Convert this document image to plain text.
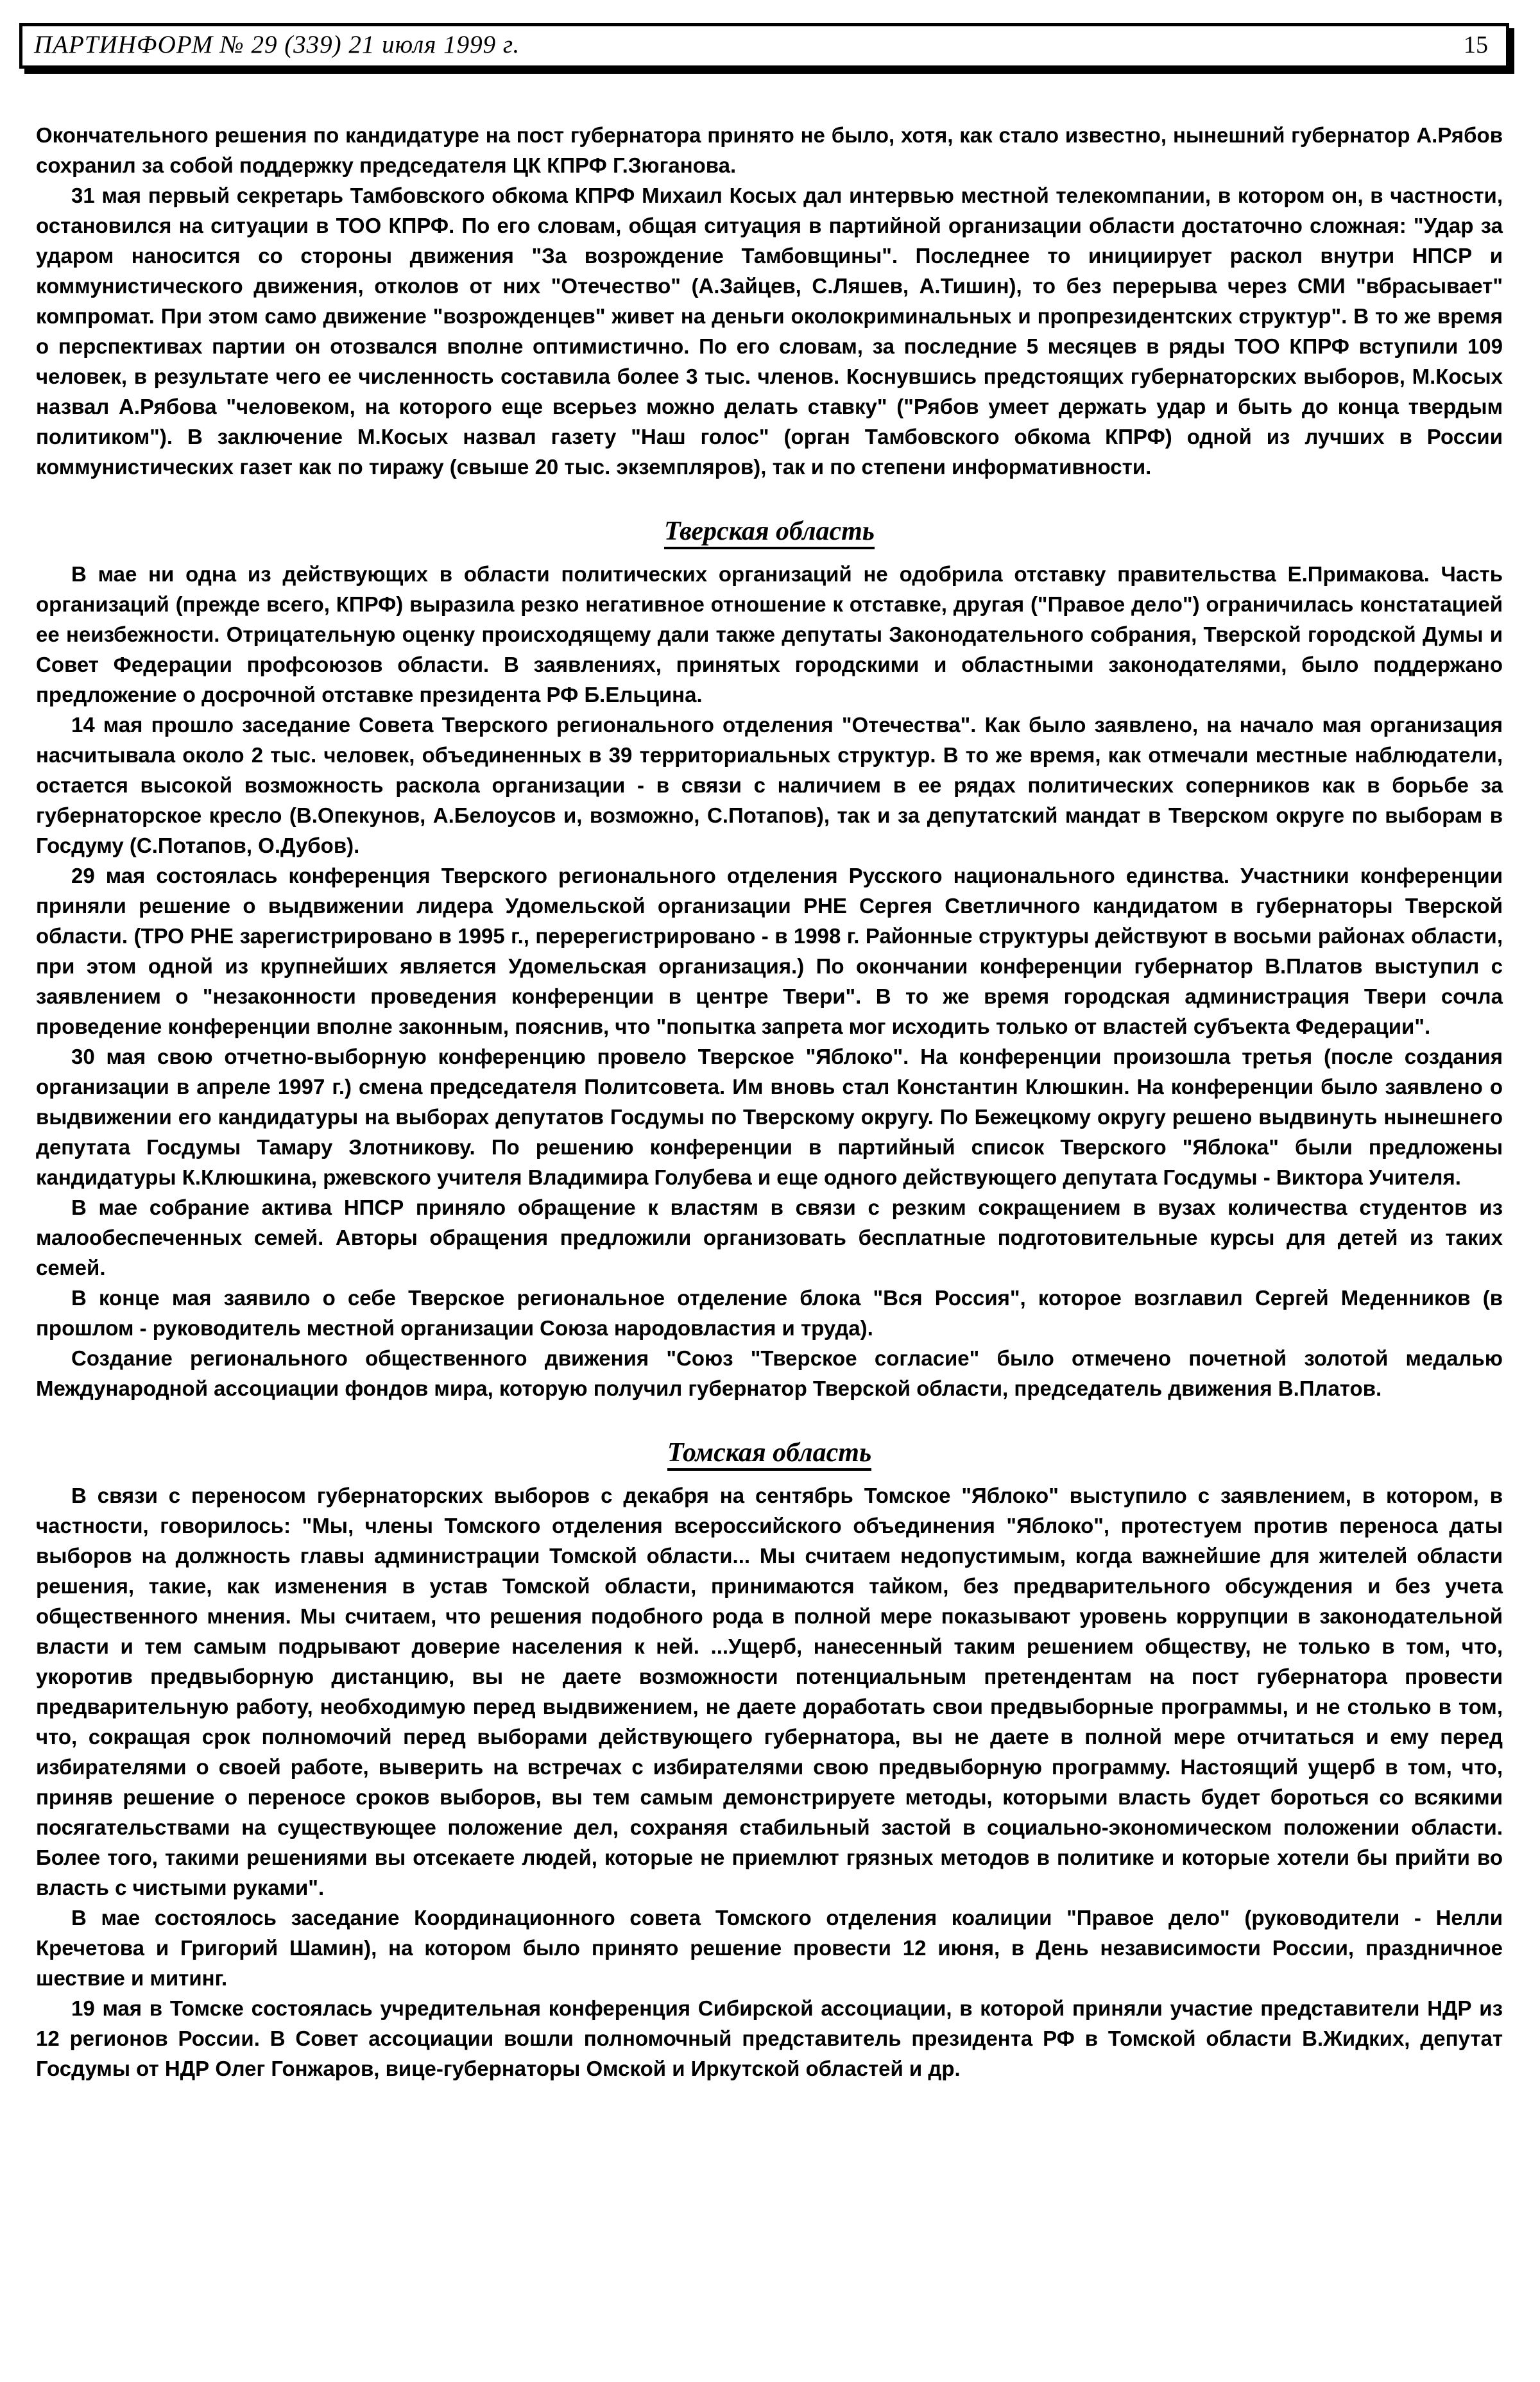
ПАРТИНФОРМ № 29 (339) 21 июля 1999 г.	15

Окончательного решения по кандидатуре на пост губернатора принято не было, хотя, как стало известно, нынешний губернатор А.Рябов сохранил за собой поддержку председателя ЦК КПРФ Г.Зюганова.

31 мая первый секретарь Тамбовского обкома КПРФ Михаил Косых дал интервью местной телекомпании, в котором он, в частности, остановился на ситуации в ТОО КПРФ. По его словам, общая ситуация в партийной организации области достаточно сложная: "Удар за ударом наносится со стороны движения "За возрождение Тамбовщины". Последнее то инициирует раскол внутри НПСР и коммунистического движения, отколов от них "Отечество" (А.Зайцев, С.Ляшев, А.Тишин), то без перерыва через СМИ "вбрасывает" компромат. При этом само движение "возрожденцев" живет на деньги околокриминальных и пропрезидентских структур". В то же время о перспективах партии он отозвался вполне оптимистично. По его словам, за последние 5 месяцев в ряды ТОО КПРФ вступили 109 человек, в результате чего ее численность составила более 3 тыс. членов. Коснувшись предстоящих губернаторских выборов, М.Косых назвал А.Рябова "человеком, на которого еще всерьез можно делать ставку" ("Рябов умеет держать удар и быть до конца твердым политиком"). В заключение М.Косых назвал газету "Наш голос" (орган Тамбовского обкома КПРФ) одной из лучших в России коммунистических газет как по тиражу (свыше 20 тыс. экземпляров), так и по степени информативности.

Тверская область

В мае ни одна из действующих в области политических организаций не одобрила отставку правительства Е.Примакова. Часть организаций (прежде всего, КПРФ) выразила резко негативное отношение к отставке, другая ("Правое дело") ограничилась констатацией ее неизбежности. Отрицательную оценку происходящему дали также депутаты Законодательного собрания, Тверской городской Думы и Совет Федерации профсоюзов области. В заявлениях, принятых городскими и областными законодателями, было поддержано предложение о досрочной отставке президента РФ Б.Ельцина.

14 мая прошло заседание Совета Тверского регионального отделения "Отечества". Как было заявлено, на начало мая организация насчитывала около 2 тыс. человек, объединенных в 39 территориальных структур. В то же время, как отмечали местные наблюдатели, остается высокой возможность раскола организации - в связи с наличием в ее рядах политических соперников как в борьбе за губернаторское кресло (В.Опекунов, А.Белоусов и, возможно, С.Потапов), так и за депутатский мандат в Тверском округе по выборам в Госдуму (С.Потапов, О.Дубов).

29 мая состоялась конференция Тверского регионального отделения Русского национального единства. Участники конференции приняли решение о выдвижении лидера Удомельской организации РНЕ Сергея Светличного кандидатом в губернаторы Тверской области. (ТРО РНЕ зарегистрировано в 1995 г., перерегистрировано - в 1998 г. Районные структуры действуют в восьми районах области, при этом одной из крупнейших является Удомельская организация.) По окончании конференции губернатор В.Платов выступил с заявлением о "незаконности проведения конференции в центре Твери". В то же время городская администрация Твери сочла проведение конференции вполне законным, пояснив, что "попытка запрета мог исходить только от властей субъекта Федерации".

30 мая свою отчетно-выборную конференцию провело Тверское "Яблоко". На конференции произошла третья (после создания организации в апреле 1997 г.) смена председателя Политсовета. Им вновь стал Константин Клюшкин. На конференции было заявлено о выдвижении его кандидатуры на выборах депутатов Госдумы по Тверскому округу. По Бежецкому округу решено выдвинуть нынешнего депутата Госдумы Тамару Злотникову. По решению конференции в партийный список Тверского "Яблока" были предложены кандидатуры К.Клюшкина, ржевского учителя Владимира Голубева и еще одного действующего депутата Госдумы - Виктора Учителя.

В мае собрание актива НПСР приняло обращение к властям в связи с резким сокращением в вузах количества студентов из малообеспеченных семей. Авторы обращения предложили организовать бесплатные подготовительные курсы для детей из таких семей.

В конце мая заявило о себе Тверское региональное отделение блока "Вся Россия", которое возглавил Сергей Меденников (в прошлом - руководитель местной организации Союза народовластия и труда).

Создание регионального общественного движения "Союз "Тверское согласие" было отмечено почетной золотой медалью Международной ассоциации фондов мира, которую получил губернатор Тверской области, председатель движения В.Платов.

Томская область

В связи с переносом губернаторских выборов с декабря на сентябрь Томское "Яблоко" выступило с заявлением, в котором, в частности, говорилось: "Мы, члены Томского отделения всероссийского объединения "Яблоко", протестуем против переноса даты выборов на должность главы администрации Томской области... Мы считаем недопустимым, когда важнейшие для жителей области решения, такие, как изменения в устав Томской области, принимаются тайком, без предварительного обсуждения и без учета общественного мнения. Мы считаем, что решения подобного рода в полной мере показывают уровень коррупции в законодательной власти и тем самым подрывают доверие населения к ней. ...Ущерб, нанесенный таким решением обществу, не только в том, что, укоротив предвыборную дистанцию, вы не даете возможности потенциальным претендентам на пост губернатора провести предварительную работу, необходимую перед выдвижением, не даете доработать свои предвыборные программы, и не столько в том, что, сокращая срок полномочий перед выборами действующего губернатора, вы не даете в полной мере отчитаться и ему перед избирателями о своей работе, выверить на встречах с избирателями свою предвыборную программу. Настоящий ущерб в том, что, приняв решение о переносе сроков выборов, вы тем самым демонстрируете методы, которыми власть будет бороться со всякими посягательствами на существующее положение дел, сохраняя стабильный застой в социально-экономическом положении области. Более того, такими решениями вы отсекаете людей, которые не приемлют грязных методов в политике и которые хотели бы прийти во власть с чистыми руками".

В мае состоялось заседание Координационного совета Томского отделения коалиции "Правое дело" (руководители - Нелли Кречетова и Григорий Шамин), на котором было принято решение провести 12 июня, в День независимости России, праздничное шествие и митинг.

19 мая в Томске состоялась учредительная конференция Сибирской ассоциации, в которой приняли участие представители НДР из 12 регионов России. В Совет ассоциации вошли полномочный представитель президента РФ в Томской области В.Жидких, депутат Госдумы от НДР Олег Гонжаров, вице-губернаторы Омской и Иркутской областей и др.
